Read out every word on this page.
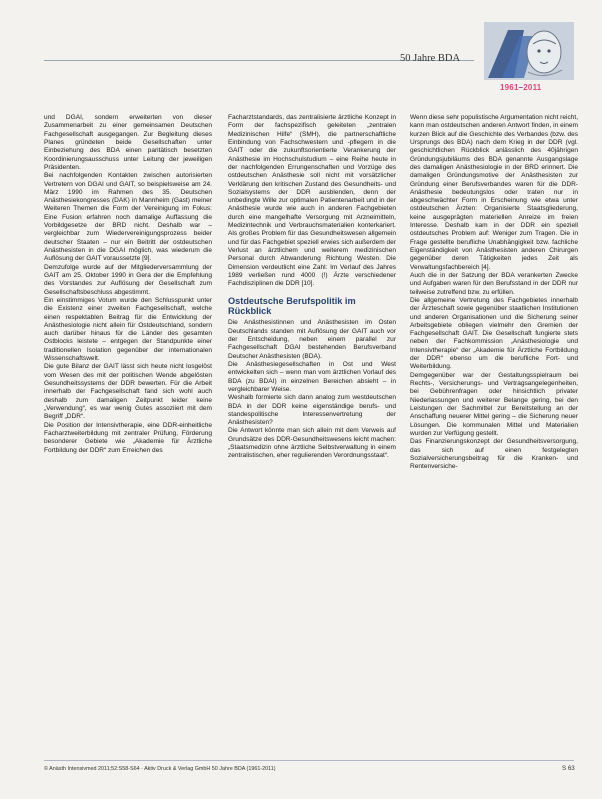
50 Jahre BDA
1961–2011

und DGAI, sondern erweiterten von dieser Zusammenarbeit zu einer gemeinsamen Deutschen Fachgesellschaft ausgegangen. Zur Begleitung dieses Planes gründeten beide Gesellschaften unter Einbeziehung des BDA einen paritätisch besetzten Koordinierungsausschuss unter Leitung der jeweiligen Präsidenten.

Bei nachfolgenden Kontakten zwischen autorisierten Vertretern von DGAI und GAIT, so beispielsweise am 24. März 1990 im Rahmen des 35. Deutschen Anästhesiekongresses (DAK) in Mannheim (Gast) meiner Weiteren Themen die Form der Vereinigung im Fokus: Eine Fusion erfahren noch damalige Auffassung die Vorbildgesetze der BRD nicht. Deshalb war – vergleichbar zum Wiedervereinigungsprozess beider deutscher Staaten – nur ein Beitritt der ostdeutschen Anästhesisten in die DGAI möglich, was wiederum die Auflösung der GAIT voraussetzte [9].

Demzufolge wurde auf der Mitgliederversammlung der GAIT am 25. Oktober 1990 in Gera der die Empfehlung des Vorstandes zur Auflösung der Gesellschaft zum Gesellschaftsbeschluss abgestimmt.

Ein einstimmiges Votum wurde den Schlusspunkt unter die Existenz einer zweiten Fachgesellschaft, welche einen respektablen Beitrag für die Entwicklung der Anästhesiologie nicht allein für Ostdeutschland, sondern auch darüber hinaus für die Länder des gesamten Ostblocks leistete – entgegen der Standpunkte einer traditionellen Isolation gegenüber der internationalen Wissenschaftswelt.

Die gute Bilanz der GAIT lässt sich heute nicht losgelöst vom Wesen des mit der politischen Wende abgelösten Gesundheitssystems der DDR bewerten. Für die Arbeit innerhalb der Fachgesellschaft fand sich wohl auch deshalb zum damaligen Zeitpunkt leider keine „Verwendung“, es war wenig Gutes assoziiert mit dem Begriff „DDR“.

Die Position der Intensivtherapie, eine DDR-einheitliche Facharztweiterbildung mit zentraler Prüfung, Förderung besonderer Gebiete wie „Akademie für Ärztliche Fortbildung der DDR“ zum Erreichen des

Facharztstandards, das zentralisierte ärztliche Konzept in Form der fachspezifisch geleiteten „zentralen Medizinischen Hilfe“ (SMH), die partnerschaftliche Einbindung von Fachschwestern und -pflegern in die GAIT oder die zukunftsorientierte Verankerung der Anästhesie im Hochschulstudium – eine Reihe heute in der nachfolgenden Errungenschaften und Vorzüge des ostdeutschen Anästhesie soll nicht mit vorsätzlicher Verklärung den kritischen Zustand des Gesundheits- und Sozialsystems der DDR ausblenden, denn der unbedingte Wille zur optimalen Patientenarbeit und in der Anästhesie wurde wie auch in anderen Fachgebieten durch eine mangelhafte Versorgung mit Arzneimitteln, Medizintechnik und Verbrauchsmaterialien konterkariert. Als großes Problem für das Gesundheitswesen allgemein und für das Fachgebiet speziell erwies sich außerdem der Verlust an ärztlichem und weiterem medizinischen Personal durch Abwanderung Richtung Westen. Die Dimension verdeutlicht eine Zahl: Im Verlauf des Jahres 1989 verließen rund 4000 (!) Ärzte verschiedener Fachdisziplinen die DDR [10].

Ostdeutsche Berufspolitik im Rückblick

Die Anästhesistinnen und Anästhesisten im Osten Deutschlands standen mit Auflösung der GAIT auch vor der Entscheidung, neben einem parallel zur Fachgesellschaft DGAI bestehenden Berufsverband Deutscher Anästhesisten (BDA).

Die Anästhesiegesellschaften in Ost und West entwickelten sich – wenn man vom ärztlichen Vorlauf des BDA (zu BDAI) in einzelnen Bereichen absieht – in vergleichbarer Weise.

Weshalb formierte sich dann analog zum westdeutschen BDA in der DDR keine eigenständige berufs- und standespolitische Interessenvertretung der Anästhesisten?

Die Antwort könnte man sich allein mit dem Verweis auf Grundsätze des DDR-Gesundheitswesens leicht machen: „Staatsmedizin ohne ärztliche Selbstverwaltung in einem zentralistischen, eher regulierenden Verordnungsstaat“.

Wenn diese sehr populistische Argumentation nicht reicht, kann man ostdeutschen anderen Antwort finden, in einem kurzen Blick auf die Geschichte des Verbandes (bzw. des Ursprungs des BDA) nach dem Krieg in der DDR (vgl. geschichtlichen Rückblick anlässlich des 40jährigen Gründungsjubiläums des BDA genannte Ausgangslage des damaligen Anästhesiologie in der BRD erinnert. Die damaligen Gründungsmotive der Anästhesisten zur Gründung einer Berufsverbandes waren für die DDR-Anästhesie bedeutungslos oder traten nur in abgeschwächter Form in Erscheinung wie etwa unter ostdeutschen Ärzten: Organisierte Staatsgliederung, keine ausgeprägten materiellen Anreize im freien Interesse. Deshalb kam in der DDR ein speziell ostdeutsches Problem auf: Weniger zum Tragen. Die in Frage gestellte berufliche Unabhängigkeit bzw. fachliche Eigenständigkeit von Anästhesisten anderen Chirurgen gegenüber deren Tätigkeiten jedes Zeit als Verwaltungsfachbereich [4].

Auch die in der Satzung der BDA verankerten Zwecke und Aufgaben waren für den Berufsstand in der DDR nur teilweise zutreffend bzw. zu erfüllen.

Die allgemeine Vertretung des Fachgebietes innerhalb der Ärzteschaft sowie gegenüber staatlichen Institutionen und anderen Organisationen und die Sicherung seiner Arbeitsgebiete obliegen vielmehr den Gremien der Fachgesellschaft GAIT. Die Gesellschaft fungierte stets neben der Fachkommission „Anästhesiologie und Intensivtherapie“ der „Akademie für Ärztliche Fortbildung der DDR“ ebenso um die berufliche Fort- und Weiterbildung.

Demgegenüber war der Gestaltungsspielraum bei Rechts-, Versicherungs- und Vertragsangelegenheiten, bei Gebührenfragen oder hinsichtlich privater Niederlassungen und weiterer Belange gering, bei den Leistungen der Sachmittel zur Bereitstellung an der Anschaffung neuerer Mittel gering – die Sicherung neuer Lösungen. Die kommunalen Mittel und Materialien wurden zur Verfügung gestellt.

Das Finanzierungskonzept der Gesundheitsversorgung, das sich auf einen festgelegten Sozialversicherungsbeitrag für die Kranken- und Rentenversiche-

© Anästh Intensivmed 2011;52:S58-S64 · Aktiv Druck & Verlag GmbH 50 Jahre BDA (1961-2011)	S 63
